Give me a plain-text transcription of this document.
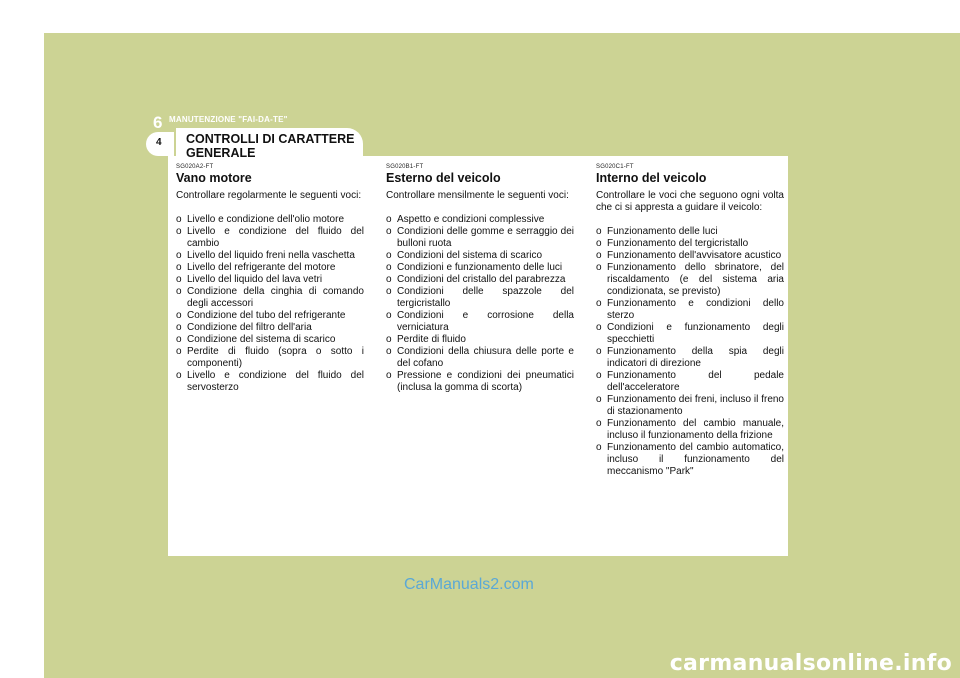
6 MANUTENZIONE "FAI-DA-TE"
4 CONTROLLI DI CARATTERE GENERALE
SG020A2-FT
Vano motore
Controllare regolarmente le seguenti voci:
o Livello e condizione dell'olio motore
o Livello e condizione del fluido del cambio
o Livello del liquido freni nella vaschetta
o Livello del refrigerante del motore
o Livello del liquido del lava vetri
o Condizione della cinghia di comando degli accessori
o Condizione del tubo del refrigerante
o Condizione del filtro dell'aria
o Condizione del sistema di scarico
o Perdite di fluido (sopra o sotto i componenti)
o Livello e condizione del fluido del servosterzo
SG020B1-FT
Esterno del veicolo
Controllare mensilmente le seguenti voci:
o Aspetto e condizioni complessive
o Condizioni delle gomme e serraggio dei bulloni ruota
o Condizioni del sistema di scarico
o Condizioni e funzionamento delle luci
o Condizioni del cristallo del parabrezza
o Condizioni delle spazzole del tergicristallo
o Condizioni e corrosione della verniciatura
o Perdite di fluido
o Condizioni della chiusura delle porte e del cofano
o Pressione e condizioni dei pneumatici (inclusa la gomma di scorta)
SG020C1-FT
Interno del veicolo
Controllare le voci che seguono ogni volta che ci si appresta a guidare il veicolo:
o Funzionamento delle luci
o Funzionamento del tergicristallo
o Funzionamento dell'avvisatore acustico
o Funzionamento dello sbrinatore, del riscaldamento (e del sistema aria condizionata, se previsto)
o Funzionamento e condizioni dello sterzo
o Condizioni e funzionamento degli specchietti
o Funzionamento della spia degli indicatori di direzione
o Funzionamento del pedale dell'acceleratore
o Funzionamento dei freni, incluso il freno di stazionamento
o Funzionamento del cambio manuale, incluso il funzionamento della frizione
o Funzionamento del cambio automatico, incluso il funzionamento del meccanismo "Park"
CarManuals2.com
carmanualsonline.info
